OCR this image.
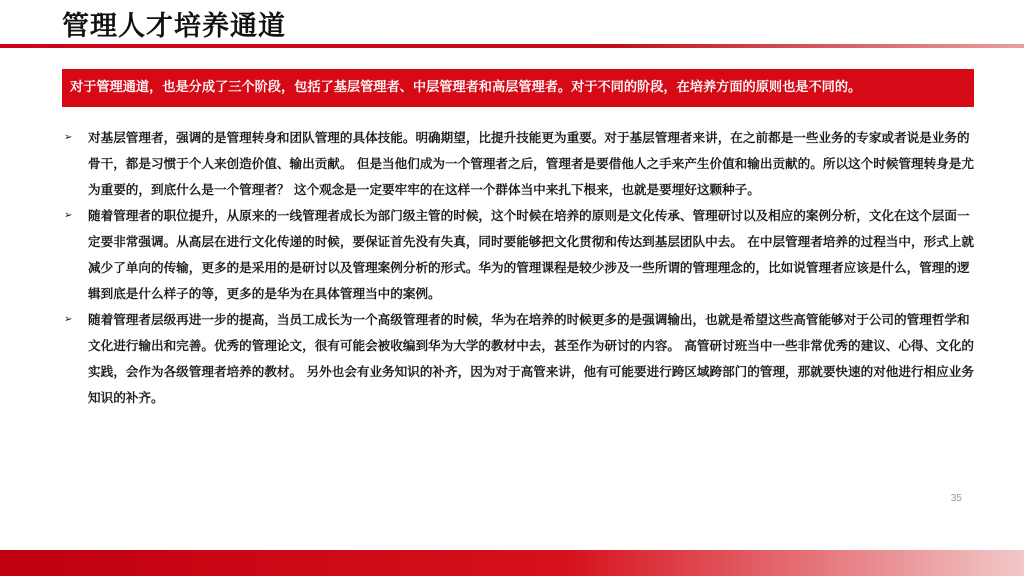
管理人才培养通道
对于管理通道，也是分成了三个阶段，包括了基层管理者、中层管理者和高层管理者。对于不同的阶段，在培养方面的原则也是不同的。
➢ 对基层管理者，强调的是管理转身和团队管理的具体技能。明确期望，比提升技能更为重要。对于基层管理者来讲，在之前都是一些业务的专家或者说是业务的骨干，都是习惯于个人来创造价值、输出贡献。 但是当他们成为一个管理者之后，管理者是要借他人之手来产生价值和输出贡献的。所以这个时候管理转身是尤为重要的，到底什么是一个管理者？ 这个观念是一定要牢牢的在这样一个群体当中来扎下根来，也就是要埋好这颗种子。
➢ 随着管理者的职位提升，从原来的一线管理者成长为部门级主管的时候，这个时候在培养的原则是文化传承、管理研讨以及相应的案例分析，文化在这个层面一定要非常强调。从高层在进行文化传递的时候，要保证首先没有失真，同时要能够把文化贯彻和传达到基层团队中去。 在中层管理者培养的过程当中，形式上就减少了单向的传输，更多的是采用的是研讨以及管理案例分析的形式。华为的管理课程是较少涉及一些所谓的管理理念的，比如说管理者应该是什么，管理的逻辑到底是什么样子的等，更多的是华为在具体管理当中的案例。
➢ 随着管理者层级再进一步的提高，当员工成长为一个高级管理者的时候，华为在培养的时候更多的是强调输出，也就是希望这些高管能够对于公司的管理哲学和文化进行输出和完善。优秀的管理论文，很有可能会被收编到华为大学的教材中去，甚至作为研讨的内容。 高管研讨班当中一些非常优秀的建议、心得、文化的实践，会作为各级管理者培养的教材。 另外也会有业务知识的补齐，因为对于高管来讲，他有可能要进行跨区域跨部门的管理，那就要快速的对他进行相应业务知识的补齐。
35
